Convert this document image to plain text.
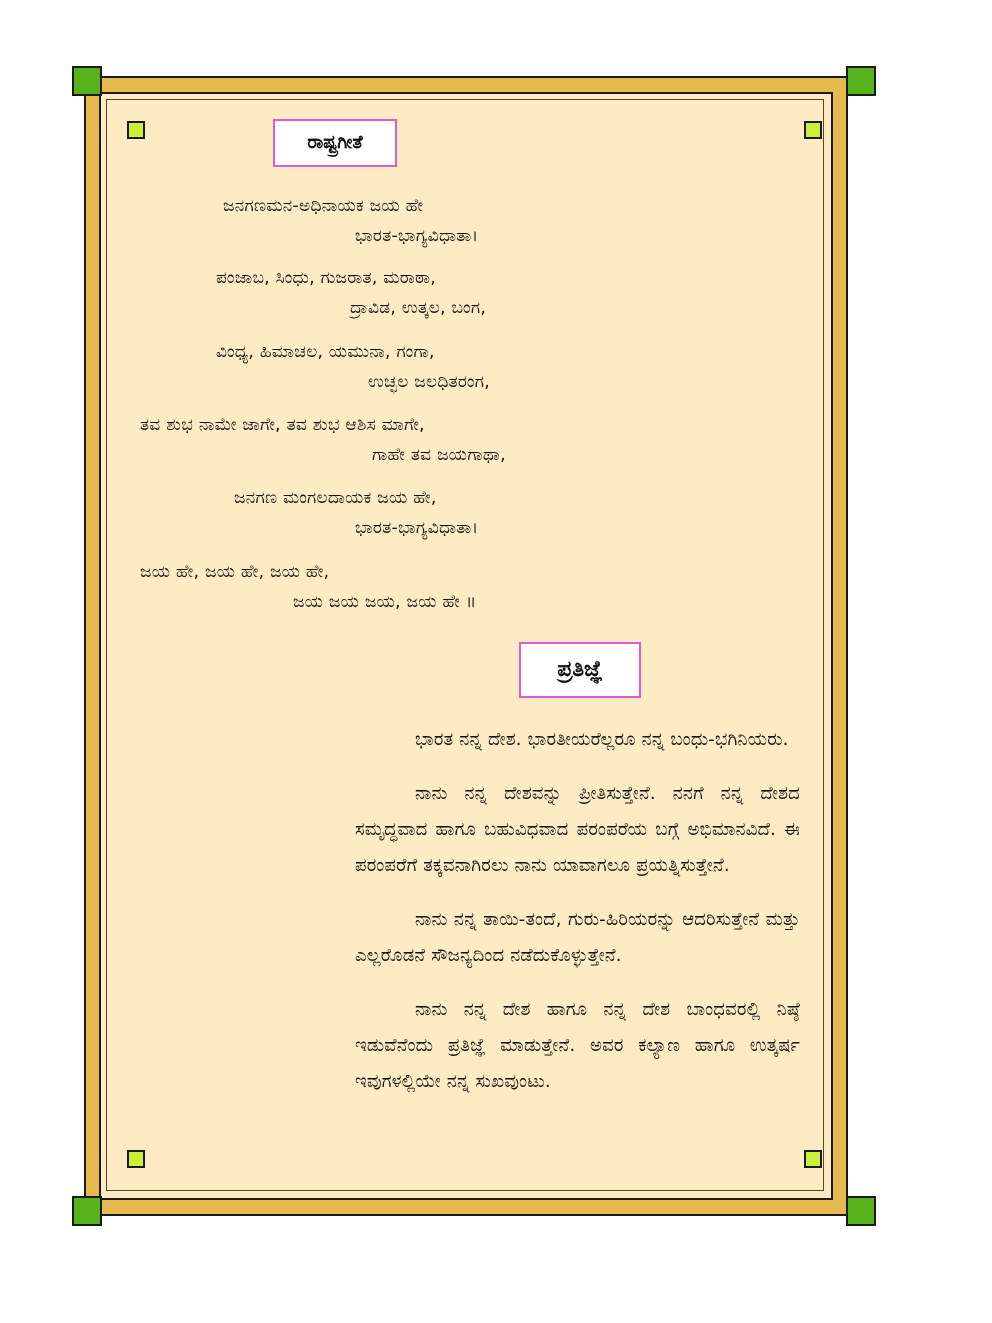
ರಾಷ್ಟ್ರಗೀತೆ
ಜನಗಣಮನ-ಅಧಿನಾಯಕ ಜಯ ಹೇ
ಭಾರತ-ಭಾಗ್ಯವಿಧಾತಾ।
ಪಂಜಾಬ, ಸಿಂಧು, ಗುಜರಾತ, ಮರಾಠಾ,
ದ್ರಾವಿಡ, ಉತ್ಕಲ, ಬಂಗ,
ವಿಂಧ್ಯ, ಹಿಮಾಚಲ, ಯಮುನಾ, ಗಂಗಾ,
ಉಚ್ಛಲ ಜಲಧಿತರಂಗ,
ತವ ಶುಭ ನಾಮೇ ಜಾಗೇ, ತವ ಶುಭ ಆಶಿಸ ಮಾಗೇ,
ಗಾಹೇ ತವ ಜಯಗಾಥಾ,
ಜನಗಣ ಮಂಗಲದಾಯಕ ಜಯ ಹೇ,
ಭಾರತ-ಭಾಗ್ಯವಿಧಾತಾ।
ಜಯ ಹೇ, ಜಯ ಹೇ, ಜಯ ಹೇ,
ಜಯ ಜಯ ಜಯ, ಜಯ ಹೇ ॥
ಪ್ರತಿಜ್ಞೆ

ಭಾರತ ನನ್ನ ದೇಶ. ಭಾರತೀಯರೆಲ್ಲರೂ ನನ್ನ ಬಂಧು-ಭಗಿನಿಯರು.

ನಾನು ನನ್ನ ದೇಶವನ್ನು ಪ್ರೀತಿಸುತ್ತೇನೆ. ನನಗೆ ನನ್ನ ದೇಶದ ಸಮೃದ್ಧವಾದ ಹಾಗೂ ಬಹುವಿಧವಾದ ಪರಂಪರೆಯ ಬಗ್ಗೆ ಅಭಿಮಾನವಿದೆ. ಈ ಪರಂಪರೆಗೆ ತಕ್ಕವನಾಗಿರಲು ನಾನು ಯಾವಾಗಲೂ ಪ್ರಯತ್ನಿಸುತ್ತೇನೆ.

ನಾನು ನನ್ನ ತಾಯಿ-ತಂದೆ, ಗುರು-ಹಿರಿಯರನ್ನು ಆದರಿಸುತ್ತೇನೆ ಮತ್ತು ಎಲ್ಲರೊಡನೆ ಸೌಜನ್ಯದಿಂದ ನಡೆದುಕೊಳ್ಳುತ್ತೇನೆ.

ನಾನು ನನ್ನ ದೇಶ ಹಾಗೂ ನನ್ನ ದೇಶ ಬಾಂಧವರಲ್ಲಿ ನಿಷ್ಠೆ ಇಡುವೆನೆಂದು ಪ್ರತಿಜ್ಞೆ ಮಾಡುತ್ತೇನೆ. ಅವರ ಕಲ್ಯಾಣ ಹಾಗೂ ಉತ್ಕರ್ಷ ಇವುಗಳಲ್ಲಿಯೇ ನನ್ನ ಸುಖವುಂಟು.
